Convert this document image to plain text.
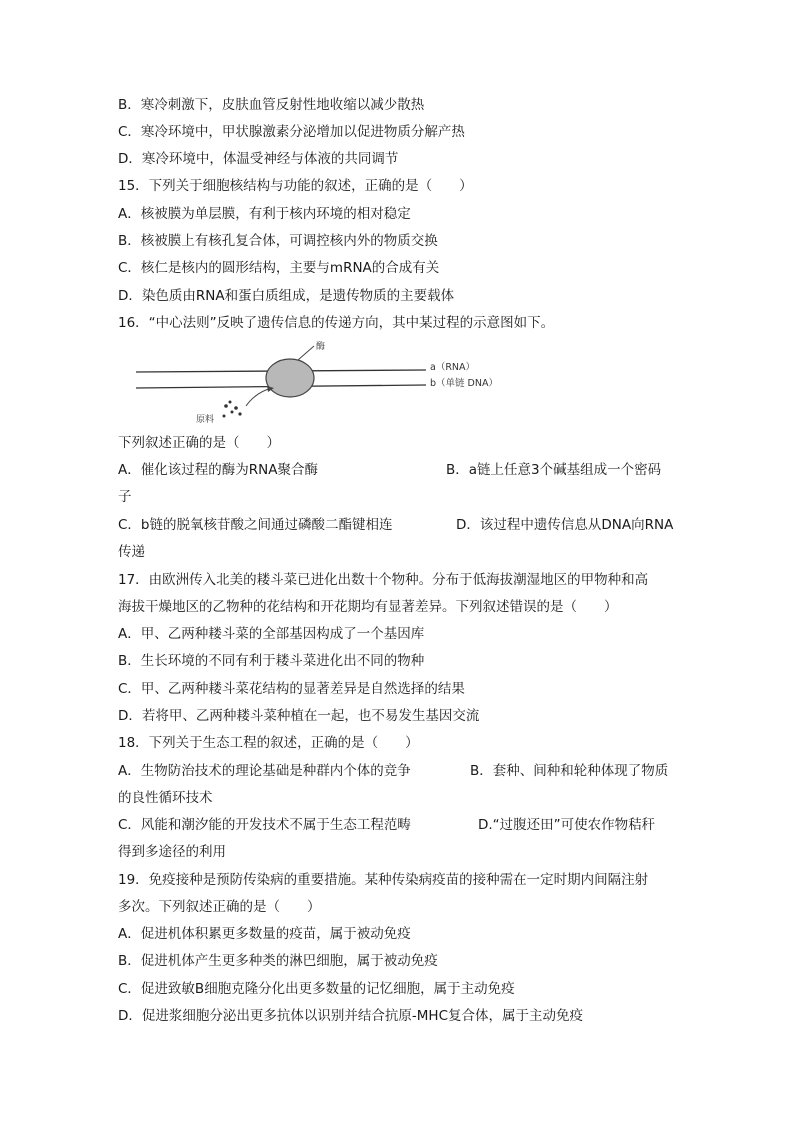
B．寒冷刺激下，皮肤血管反射性地收缩以减少散热
C．寒冷环境中，甲状腺激素分泌增加以促进物质分解产热
D．寒冷环境中，体温受神经与体液的共同调节
15．下列关于细胞核结构与功能的叙述，正确的是（　　）
A．核被膜为单层膜，有利于核内环境的相对稳定
B．核被膜上有核孔复合体，可调控核内外的物质交换
C．核仁是核内的圆形结构，主要与mRNA的合成有关
D．染色质由RNA和蛋白质组成，是遗传物质的主要载体
16．“中心法则”反映了遗传信息的传递方向，其中某过程的示意图如下。
酶
a（RNA）
b（单链 DNA）
原料
下列叙述正确的是（　　）
A．催化该过程的酶为RNA聚合酶	B．a链上任意3个碱基组成一个密码
子
C．b链的脱氧核苷酸之间通过磷酸二酯键相连	D．该过程中遗传信息从DNA向RNA
传递
17．由欧洲传入北美的耧斗菜已进化出数十个物种。分布于低海拔潮湿地区的甲物种和高
海拔干燥地区的乙物种的花结构和开花期均有显著差异。下列叙述错误的是（　　）
A．甲、乙两种耧斗菜的全部基因构成了一个基因库
B．生长环境的不同有利于耧斗菜进化出不同的物种
C．甲、乙两种耧斗菜花结构的显著差异是自然选择的结果
D．若将甲、乙两种耧斗菜种植在一起，也不易发生基因交流
18．下列关于生态工程的叙述，正确的是（　　）
A．生物防治技术的理论基础是种群内个体的竞争	B．套种、间种和轮种体现了物质
的良性循环技术
C．风能和潮汐能的开发技术不属于生态工程范畴	D.“过腹还田”可使农作物秸秆
得到多途径的利用
19．免疫接种是预防传染病的重要措施。某种传染病疫苗的接种需在一定时期内间隔注射
多次。下列叙述正确的是（　　）
A．促进机体积累更多数量的疫苗，属于被动免疫
B．促进机体产生更多种类的淋巴细胞，属于被动免疫
C．促进致敏B细胞克隆分化出更多数量的记忆细胞，属于主动免疫
D．促进浆细胞分泌出更多抗体以识别并结合抗原-MHC复合体，属于主动免疫
